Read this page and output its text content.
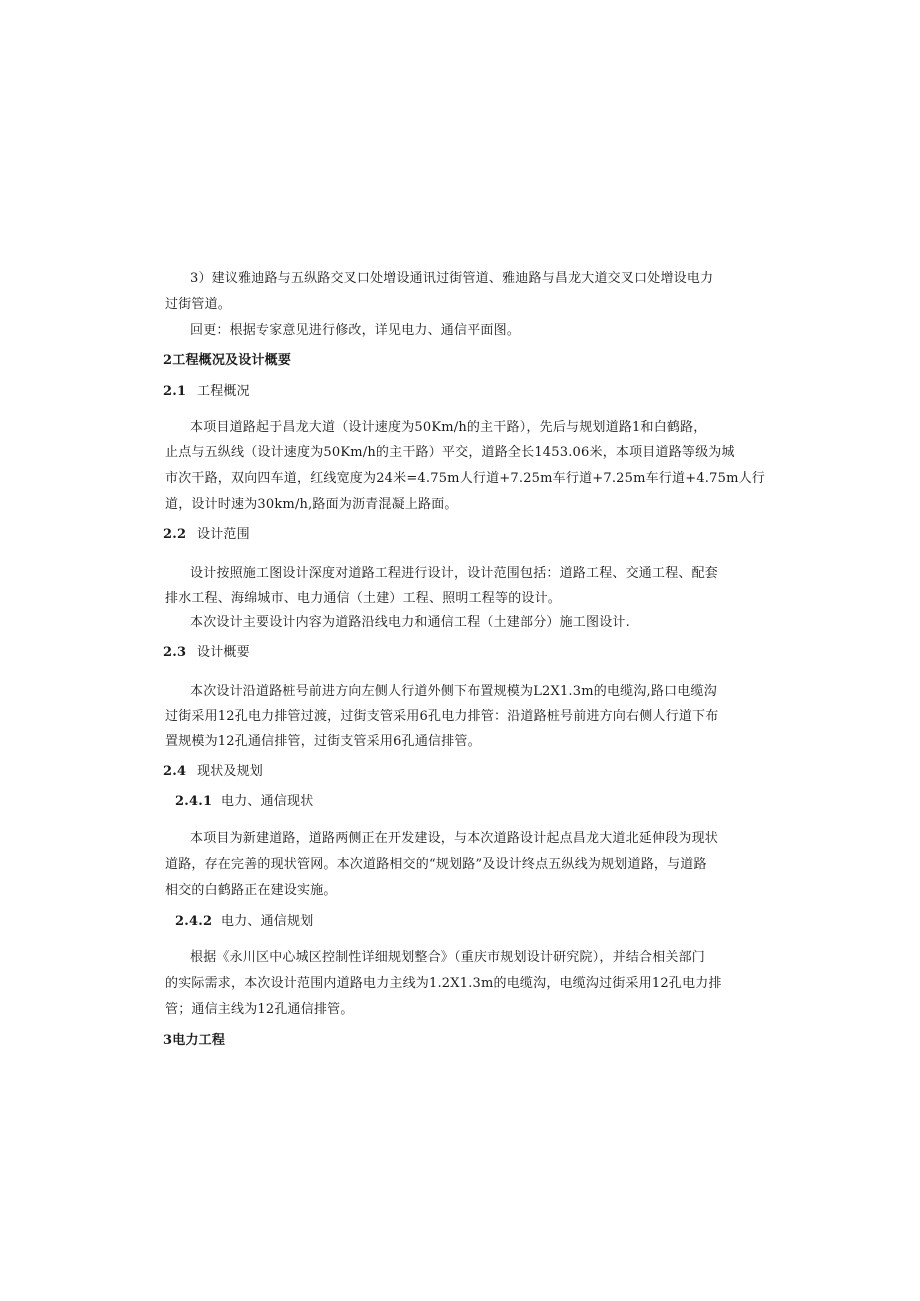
3）建议雅迪路与五纵路交叉口处增设通讯过街管道、雅迪路与昌龙大道交叉口处增设电力
过街管道。
回更：根据专家意见进行修改，详见电力、通信平面图。
2工程概况及设计概要
2.1 工程概况
本项目道路起于昌龙大道（设计速度为50Km/h的主干路），先后与规划道路1和白鹤路，
止点与五纵线（设计速度为50Km/h的主干路）平交，道路全长1453.06米，本项目道路等级为城
市次干路，双向四车道，红线宽度为24米=4.75m人行道+7.25m车行道+7.25m车行道+4.75m人行
道，设计时速为30km/h,路面为沥青混凝上路面。
2.2 设计范围
设计按照施工图设计深度对道路工程进行设计，设计范围包括：道路工程、交通工程、配套
排水工程、海绵城市、电力通信（土建）工程、照明工程等的设计。
本次设计主要设计内容为道路沿线电力和通信工程（土建部分）施工图设计.
2.3 设计概要
本次设计沿道路桩号前进方向左侧人行道外侧下布置规模为L2X1.3m的电缆沟,路口电缆沟
过街采用12孔电力排管过渡，过街支管采用6孔电力排管：沿道路桩号前进方向右侧人行道下布
置规模为12孔通信排管，过街支管采用6孔通信排管。
2.4 现状及规划
2.4.1 电力、通信现状
本项目为新建道路，道路两侧正在开发建设，与本次道路设计起点昌龙大道北延伸段为现状
道路，存在完善的现状管网。本次道路相交的“规划路”及设计终点五纵线为规划道路，与道路
相交的白鹤路正在建设实施。
2.4.2 电力、通信规划
根据《永川区中心城区控制性详细规划整合》（重庆市规划设计研究院），并结合相关部门
的实际需求，本次设计范围内道路电力主线为1.2X1.3m的电缆沟，电缆沟过街采用12孔电力排
管；通信主线为12孔通信排管。
3电力工程
